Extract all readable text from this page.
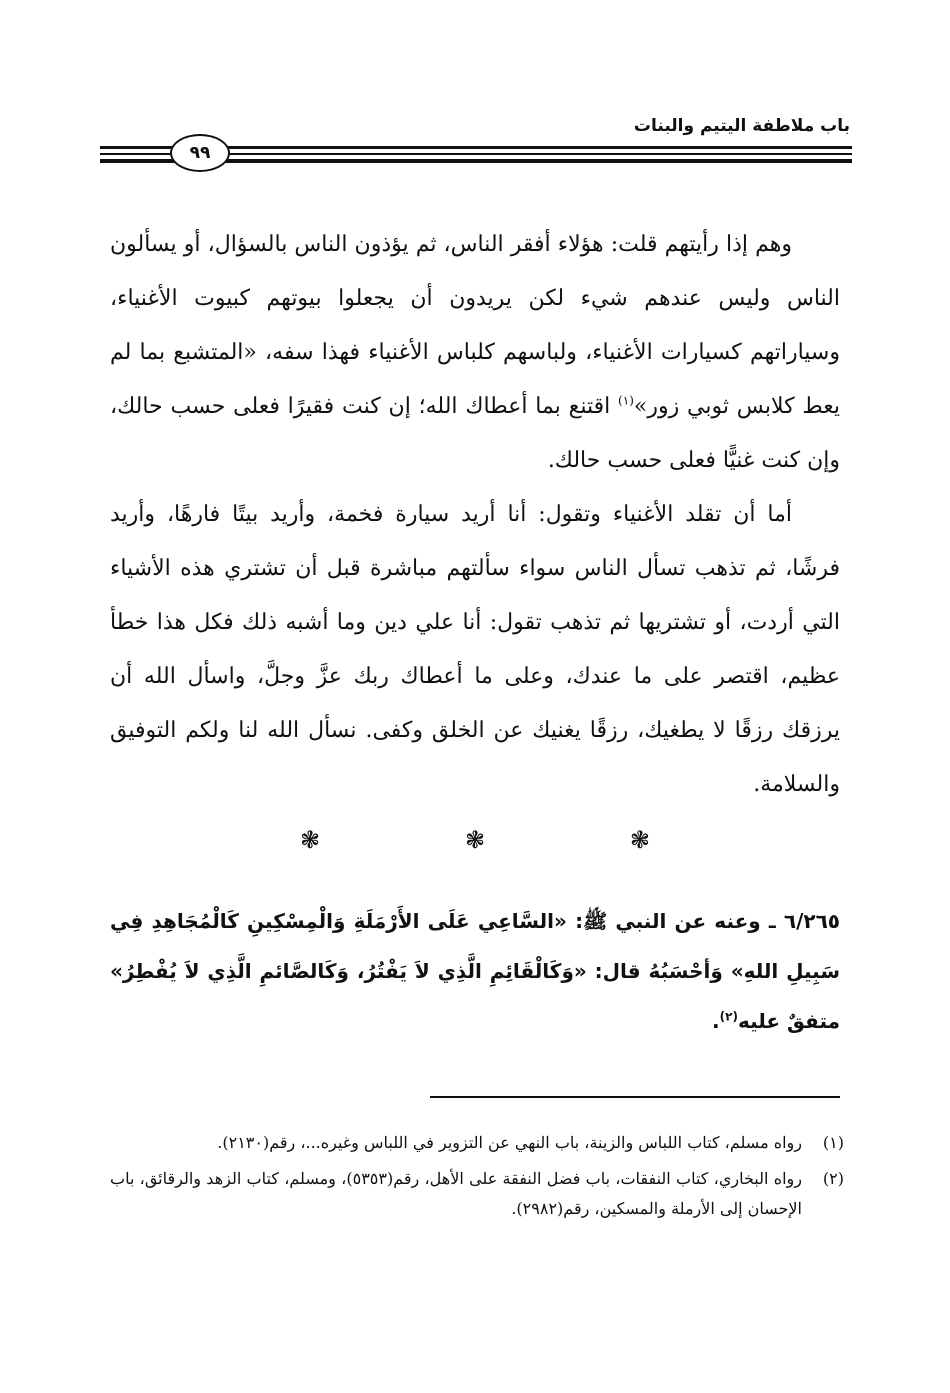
باب ملاطفة اليتيم والبنات
٩٩

وهم إذا رأيتهم قلت: هؤلاء أفقر الناس، ثم يؤذون الناس بالسؤال، أو يسألون الناس وليس عندهم شيء لكن يريدون أن يجعلوا بيوتهم كبيوت الأغنياء، وسياراتهم كسيارات الأغنياء، ولباسهم كلباس الأغنياء فهذا سفه، «المتشبع بما لم يعط كلابس ثوبي زور»$^{(١)}$ اقتنع بما أعطاك الله؛ إن كنت فقيرًا فعلى حسب حالك، وإن كنت غنيًّا فعلى حسب حالك.

أما أن تقلد الأغنياء وتقول: أنا أريد سيارة فخمة، وأريد بيتًا فارهًا، وأريد فرشًا، ثم تذهب تسأل الناس سواء سألتهم مباشرة قبل أن تشتري هذه الأشياء التي أردت، أو تشتريها ثم تذهب تقول: أنا علي دين وما أشبه ذلك فكل هذا خطأ عظيم، اقتصر على ما عندك، وعلى ما أعطاك ربك عزَّ وجلَّ، واسأل الله أن يرزقك رزقًا لا يطغيك، رزقًا يغنيك عن الخلق وكفى. نسأل الله لنا ولكم التوفيق والسلامة.

❃	❃	❃

٦/٢٦٥ ـ وعنه عن النبي ﷺ: «السَّاعِي عَلَى الأَرْمَلَةِ وَالْمِسْكِينِ كَالْمُجَاهِدِ فِي سَبِيلِ اللهِ» وَأحْسَبُهُ قال: «وَكَالْقَائِمِ الَّذِي لاَ يَفْتُرُ، وَكَالصَّائمِ الَّذِي لاَ يُفْطِرُ» متفقٌ عليه$^{(٢)}$.

(١)
رواه مسلم، كتاب اللباس والزينة، باب النهي عن التزوير في اللباس وغيره...، رقم(٢١٣٠).
(٢)
رواه البخاري، كتاب النفقات، باب فضل النفقة على الأهل، رقم(٥٣٥٣)، ومسلم، كتاب الزهد والرقائق، باب الإحسان إلى الأرملة والمسكين، رقم(٢٩٨٢).
